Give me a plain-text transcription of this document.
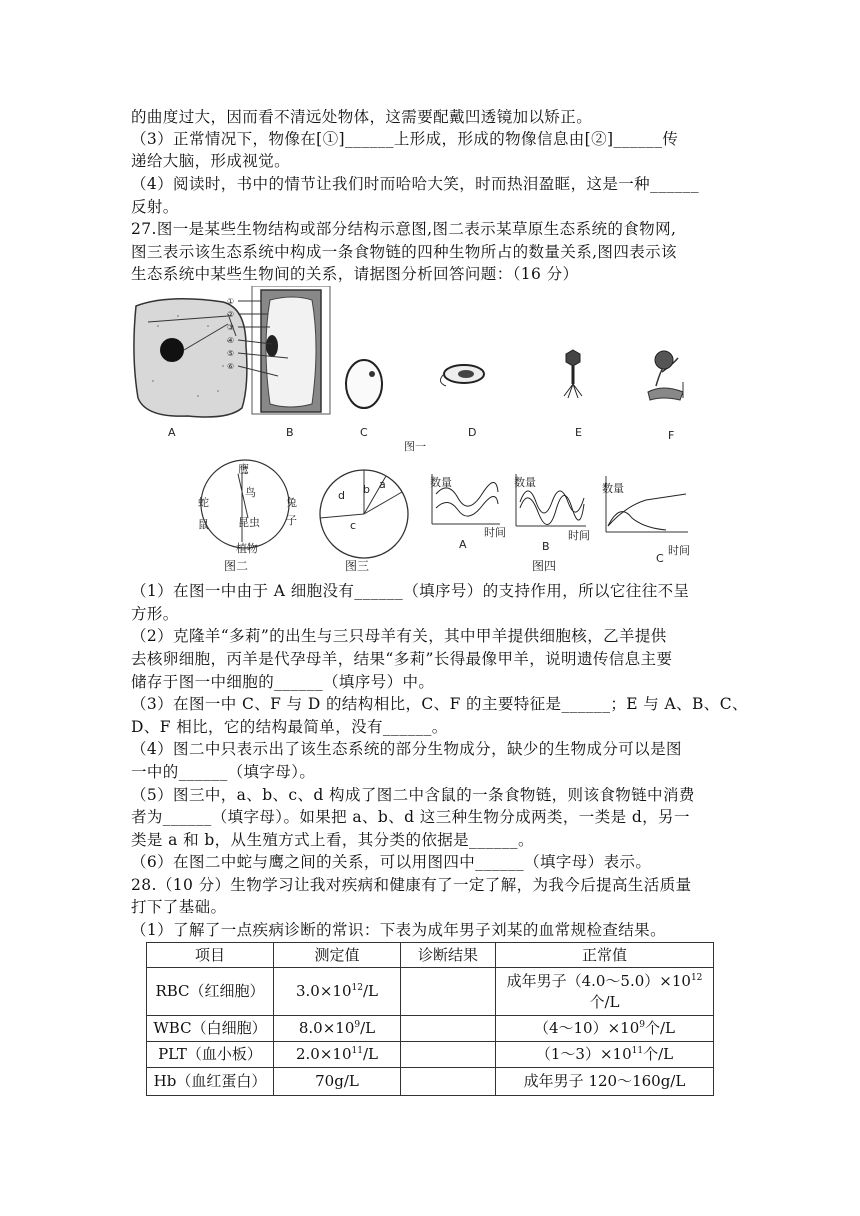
的曲度过大，因而看不清远处物体，这需要配戴凹透镜加以矫正。
（3）正常情况下，物像在[①]______上形成，形成的物像信息由[②]______传
递给大脑，形成视觉。
（4）阅读时，书中的情节让我们时而哈哈大笑，时而热泪盈眶，这是一种______
反射。
27.图一是某些生物结构或部分结构示意图,图二表示某草原生态系统的食物网,
图三表示该生态系统中构成一条食物链的四种生物所占的数量关系,图四表示该
生态系统中某些生物间的关系，请据图分析回答问题：（16 分）
①
②
③
④
⑤
⑥
A	B	C	D	E	F
图一
鹰
鸟
蛇
鼠	昆虫
兔
子
植物
图二
a
b
c
d
图三
数量
时间
A
数量
时间
B
数量
时间
C
图四
（1）在图一中由于 A 细胞没有______（填序号）的支持作用，所以它往往不呈
方形。
（2）克隆羊“多莉”的出生与三只母羊有关，其中甲羊提供细胞核，乙羊提供
去核卵细胞，丙羊是代孕母羊，结果“多莉”长得最像甲羊，说明遗传信息主要
储存于图一中细胞的______（填序号）中。
（3）在图一中 C、F 与 D 的结构相比，C、F 的主要特征是______；E 与 A、B、C、
D、F 相比，它的结构最简单，没有______。
（4）图二中只表示出了该生态系统的部分生物成分，缺少的生物成分可以是图
一中的______（填字母）。
（5）图三中，a、b、c、d 构成了图二中含鼠的一条食物链，则该食物链中消费
者为______（填字母）。如果把 a、b、d 这三种生物分成两类，一类是 d，另一
类是 a 和 b，从生殖方式上看，其分类的依据是______。
（6）在图二中蛇与鹰之间的关系，可以用图四中______（填字母）表示。
28.（10 分）生物学习让我对疾病和健康有了一定了解，为我今后提高生活质量
打下了基础。
（1）了解了一点疾病诊断的常识：下表为成年男子刘某的血常规检查结果。
项目	测定值	诊断结果	正常值
RBC（红细胞）	$3.0\times 10^{12}/L$		成年男子$(4.0\sim 5.0)\times 10^{12}$
个/L
WBC（白细胞）	$8.0\times 10^9/L$		$(4\sim 10)\times 10^9$个/L
PLT（血小板）	$2.0\times 10^{11}/L$		$(1\sim 3)\times 10^{11}$个/L
Hb（血红蛋白）	70g/L		成年男子 120～160g/L
